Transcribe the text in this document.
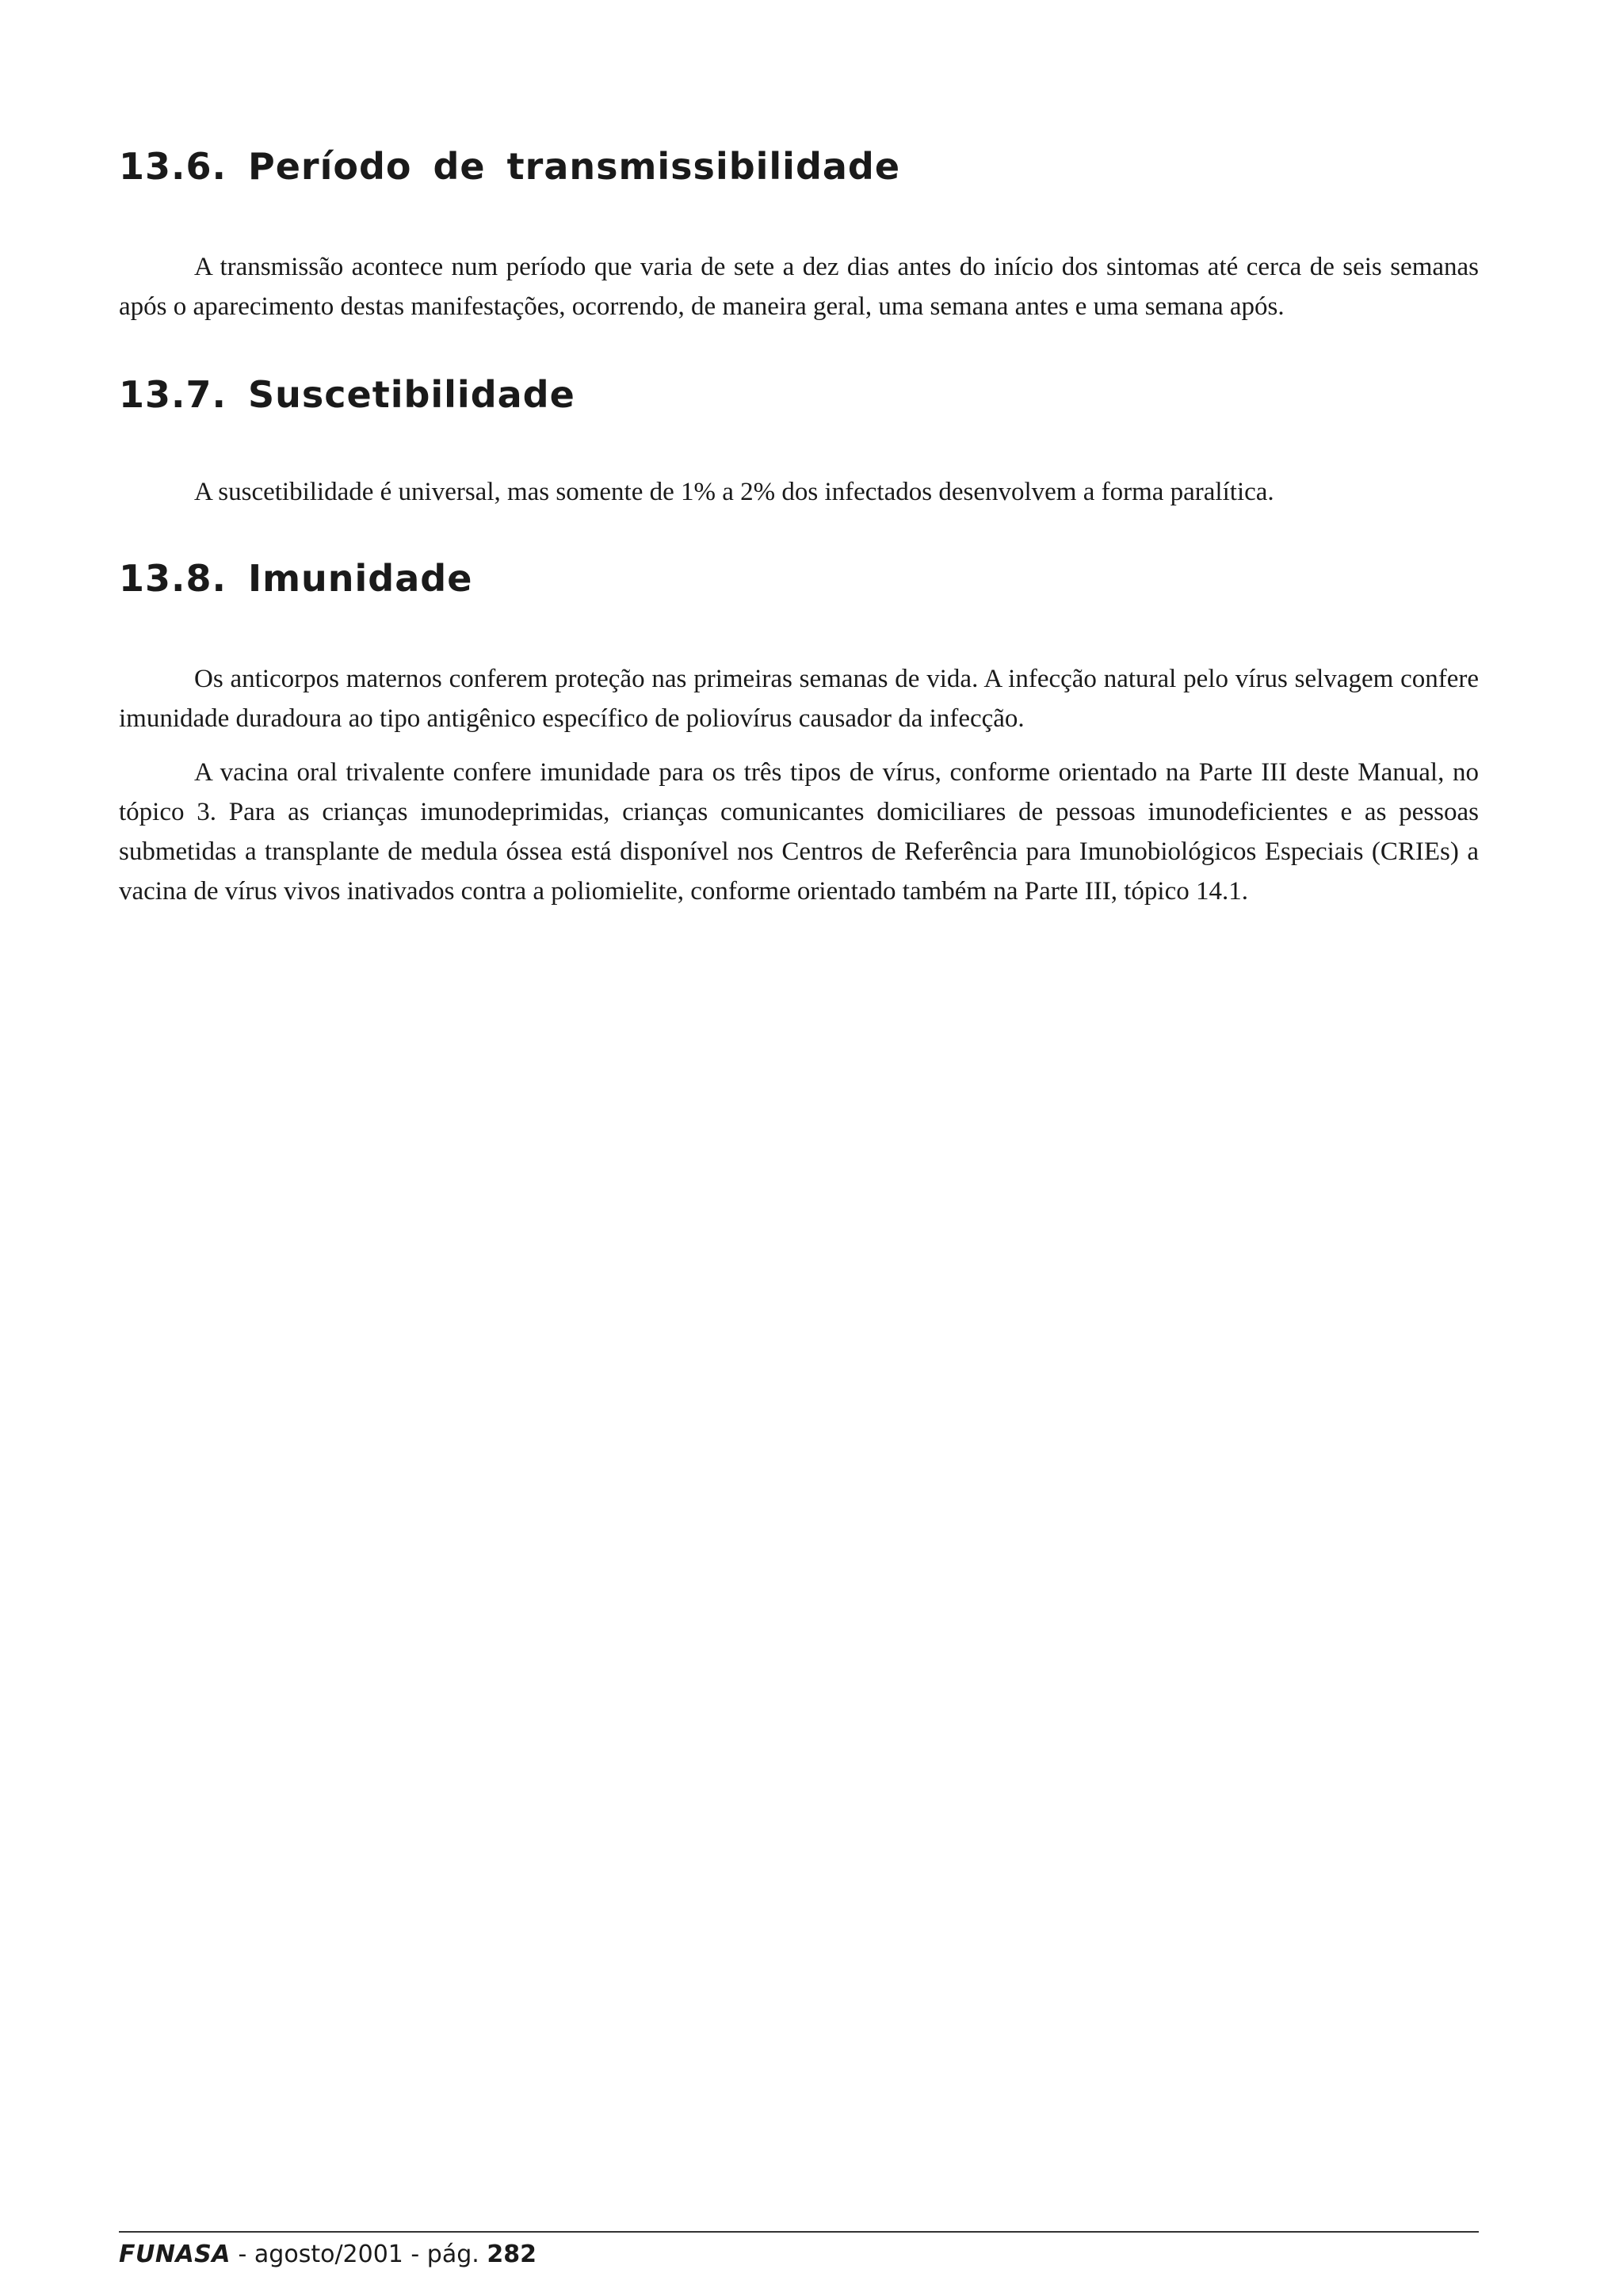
13.6. Período de transmissibilidade

A transmissão acontece num período que varia de sete a dez dias antes do início dos sintomas até cerca de seis semanas após o aparecimento destas manifestações, ocorrendo, de maneira geral, uma semana antes e uma semana após.

13.7. Suscetibilidade

A suscetibilidade é universal, mas somente de 1% a 2% dos infectados desenvolvem a forma paralítica.

13.8. Imunidade

Os anticorpos maternos conferem proteção nas primeiras semanas de vida. A infecção natural pelo vírus selvagem confere imunidade duradoura ao tipo antigênico específico de poliovírus causador da infecção.

A vacina oral trivalente confere imunidade para os três tipos de vírus, conforme orientado na Parte III deste Manual, no tópico 3. Para as crianças imunodeprimidas, crianças comunicantes domiciliares de pessoas imunodeficientes e as pessoas submetidas a transplante de medula óssea está disponível nos Centros de Referência para Imunobiológicos Especiais (CRIEs) a vacina de vírus vivos inativados contra a poliomielite, conforme orientado também na Parte III, tópico 14.1.

FUNASA - agosto/2001 - pág. 282
